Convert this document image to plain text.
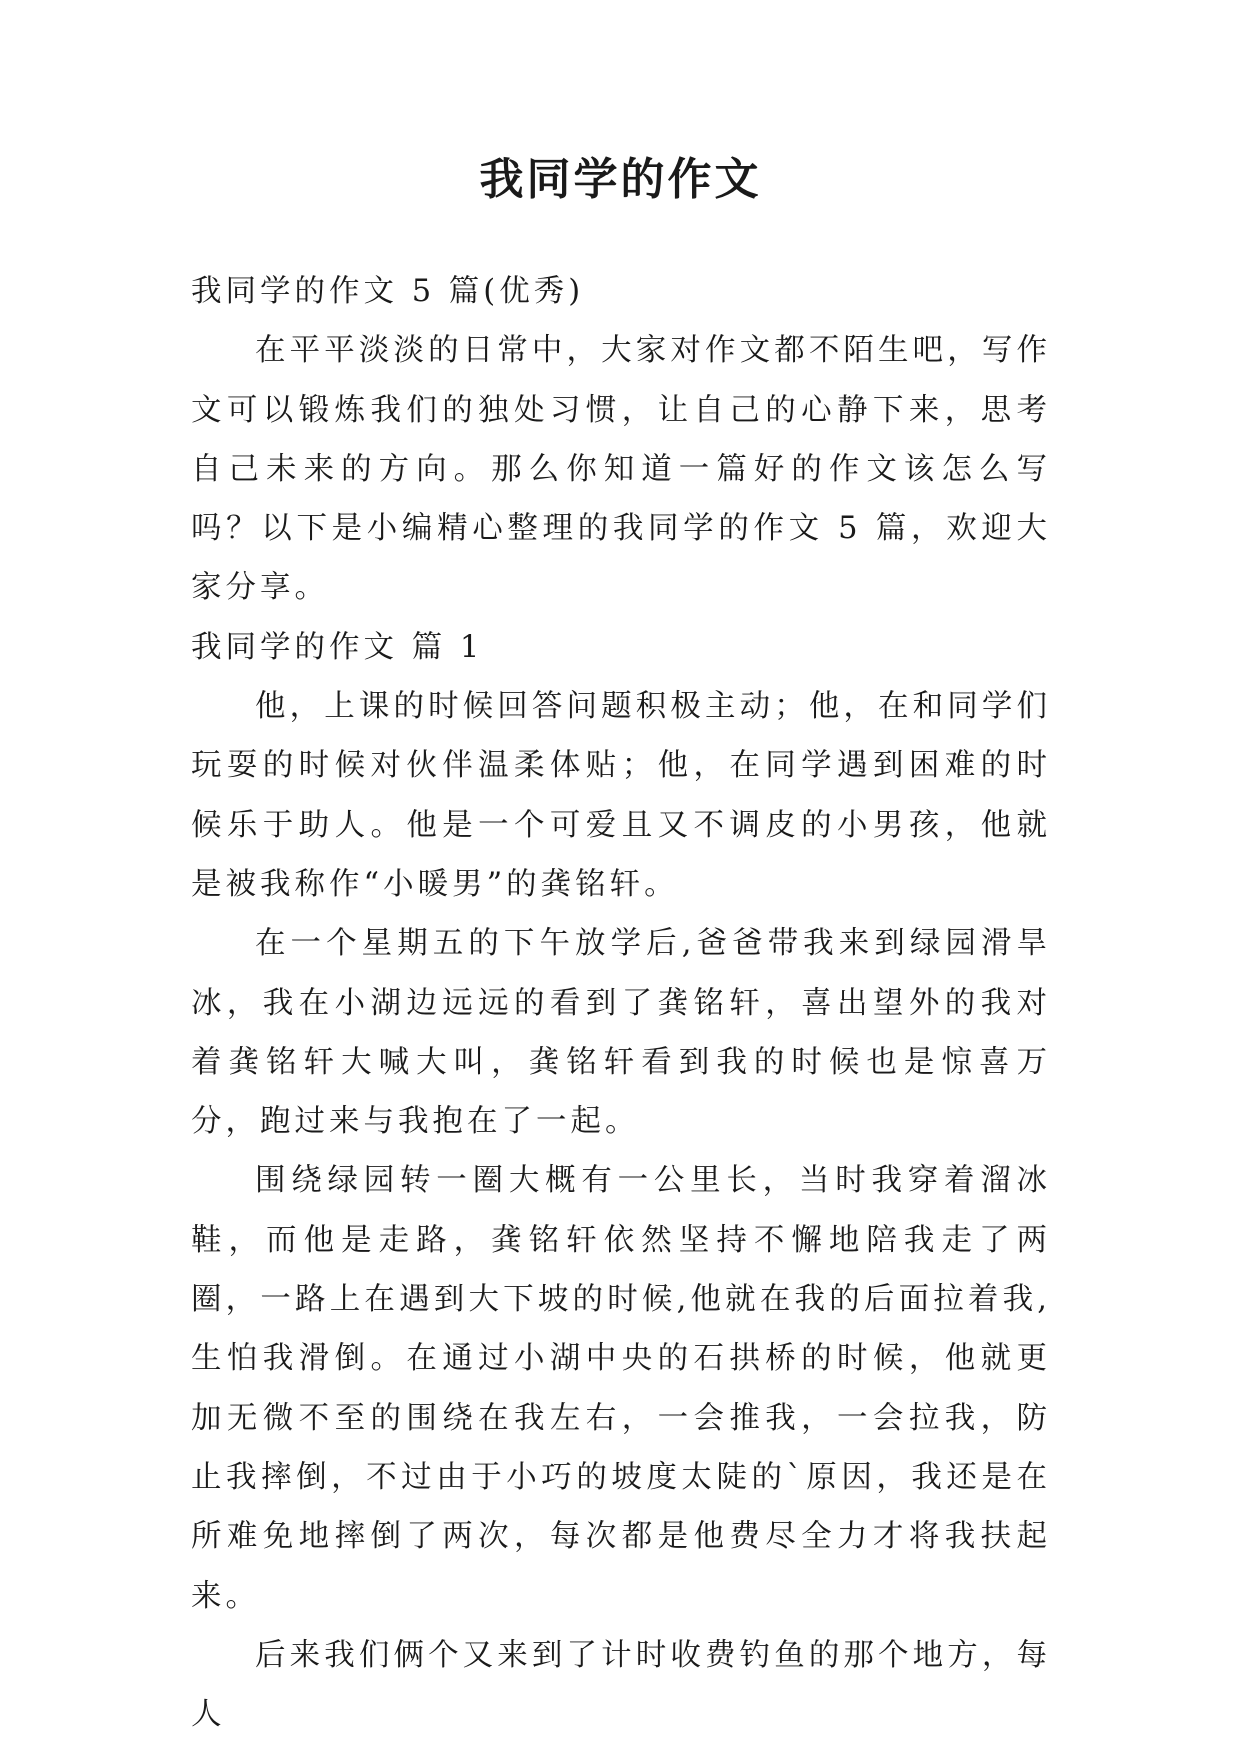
我同学的作文

我同学的作文 5 篇(优秀)

在平平淡淡的日常中，大家对作文都不陌生吧，写作文可以锻炼我们的独处习惯，让自己的心静下来，思考自己未来的方向。那么你知道一篇好的作文该怎么写吗？以下是小编精心整理的我同学的作文 5 篇，欢迎大家分享。

我同学的作文 篇 1

他，上课的时候回答问题积极主动；他，在和同学们玩耍的时候对伙伴温柔体贴；他，在同学遇到困难的时候乐于助人。他是一个可爱且又不调皮的小男孩，他就是被我称作“小暖男”的龚铭轩。

在一个星期五的下午放学后,爸爸带我来到绿园滑旱冰，我在小湖边远远的看到了龚铭轩，喜出望外的我对着龚铭轩大喊大叫，龚铭轩看到我的时候也是惊喜万分，跑过来与我抱在了一起。

围绕绿园转一圈大概有一公里长，当时我穿着溜冰鞋，而他是走路，龚铭轩依然坚持不懈地陪我走了两圈，一路上在遇到大下坡的时候,他就在我的后面拉着我,生怕我滑倒。在通过小湖中央的石拱桥的时候，他就更加无微不至的围绕在我左右，一会推我，一会拉我，防止我摔倒，不过由于小巧的坡度太陡的`原因，我还是在所难免地摔倒了两次，每次都是他费尽全力才将我扶起来。

后来我们俩个又来到了计时收费钓鱼的那个地方，每人
